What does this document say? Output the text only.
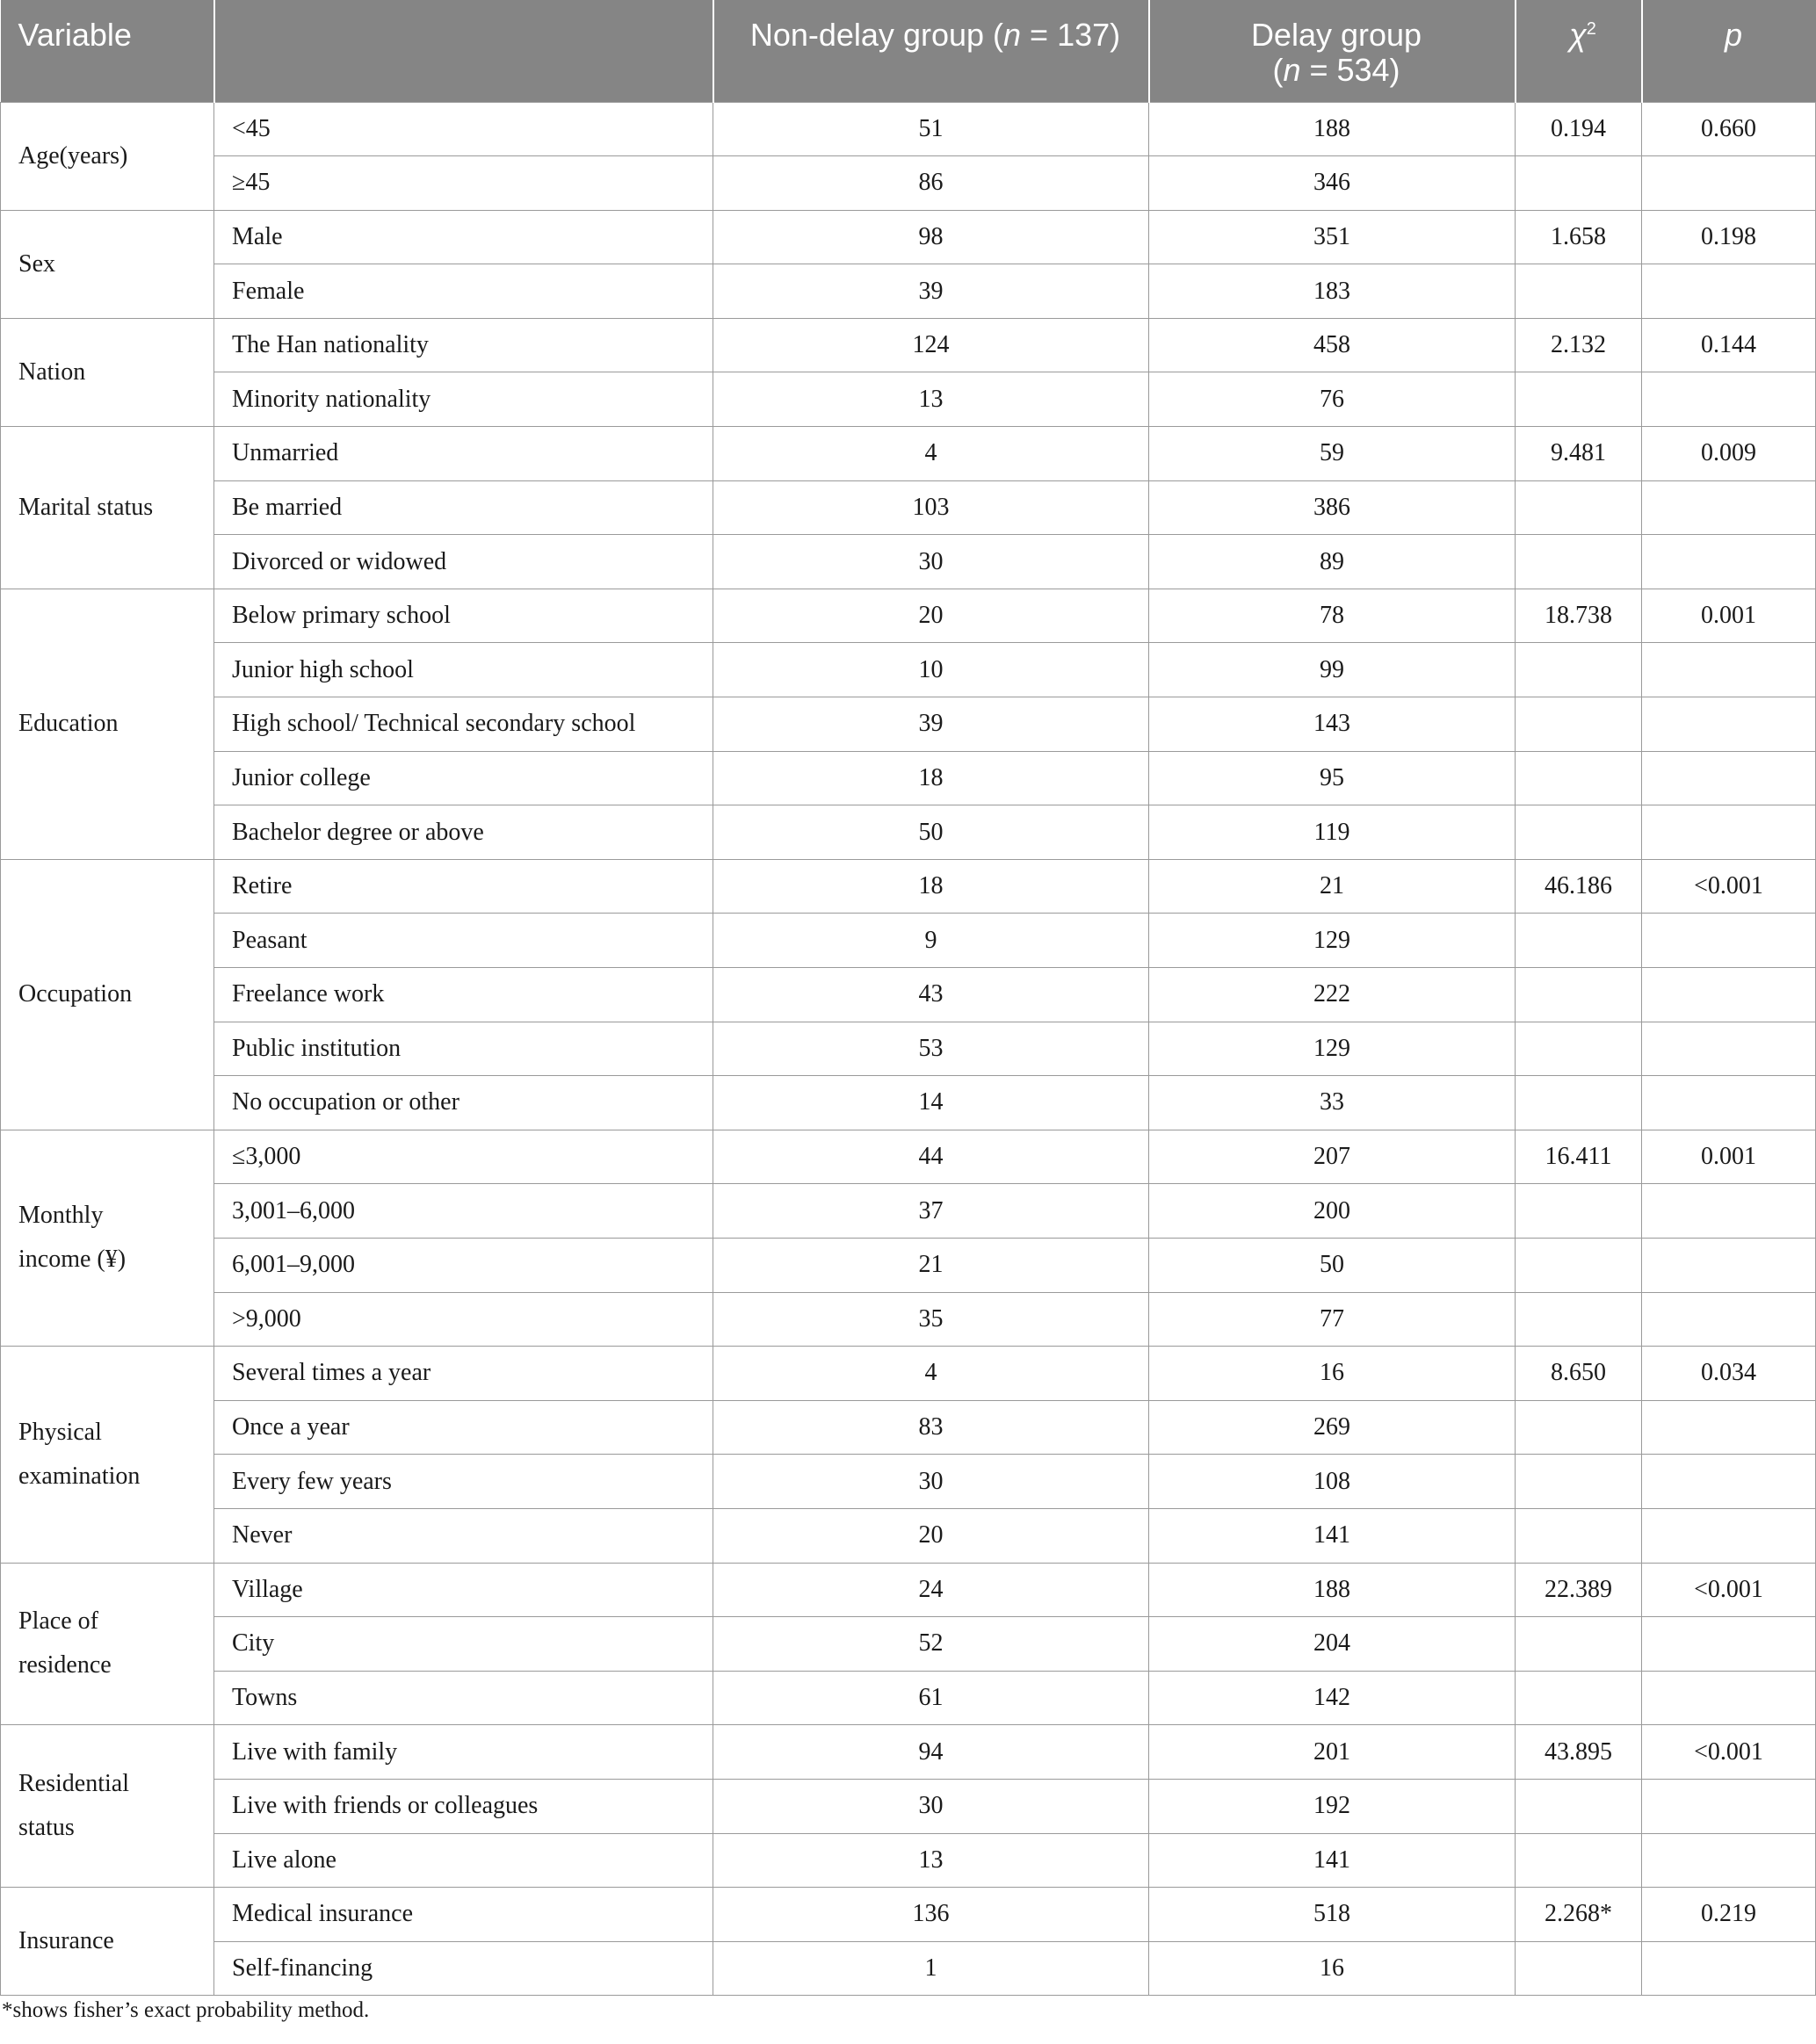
Variable		Non-delay group (n = 137)	Delay group
(n = 534)	$\chi^2$	p
Age(years)	<45	51	188	0.194	0.660
	≥45	86	346		
Sex	Male	98	351	1.658	0.198
	Female	39	183		
Nation	The Han nationality	124	458	2.132	0.144
	Minority nationality	13	76		
Marital status	Unmarried	4	59	9.481	0.009
	Be married	103	386		
	Divorced or widowed	30	89		
Education	Below primary school	20	78	18.738	0.001
	Junior high school	10	99		
	High school/ Technical secondary school	39	143		
	Junior college	18	95		
	Bachelor degree or above	50	119		
Occupation	Retire	18	21	46.186	<0.001
	Peasant	9	129		
	Freelance work	43	222		
	Public institution	53	129		
	No occupation or other	14	33		
Monthly income (¥)	≤3,000	44	207	16.411	0.001
	3,001–6,000	37	200		
	6,001–9,000	21	50		
	>9,000	35	77		
Physical examination	Several times a year	4	16	8.650	0.034
	Once a year	83	269		
	Every few years	30	108		
	Never	20	141		
Place of residence	Village	24	188	22.389	<0.001
	City	52	204		
	Towns	61	142		
Residential status	Live with family	94	201	43.895	<0.001
	Live with friends or colleagues	30	192		
	Live alone	13	141		
Insurance	Medical insurance	136	518	2.268*	0.219
	Self-financing	1	16		
*shows fisher’s exact probability method.
